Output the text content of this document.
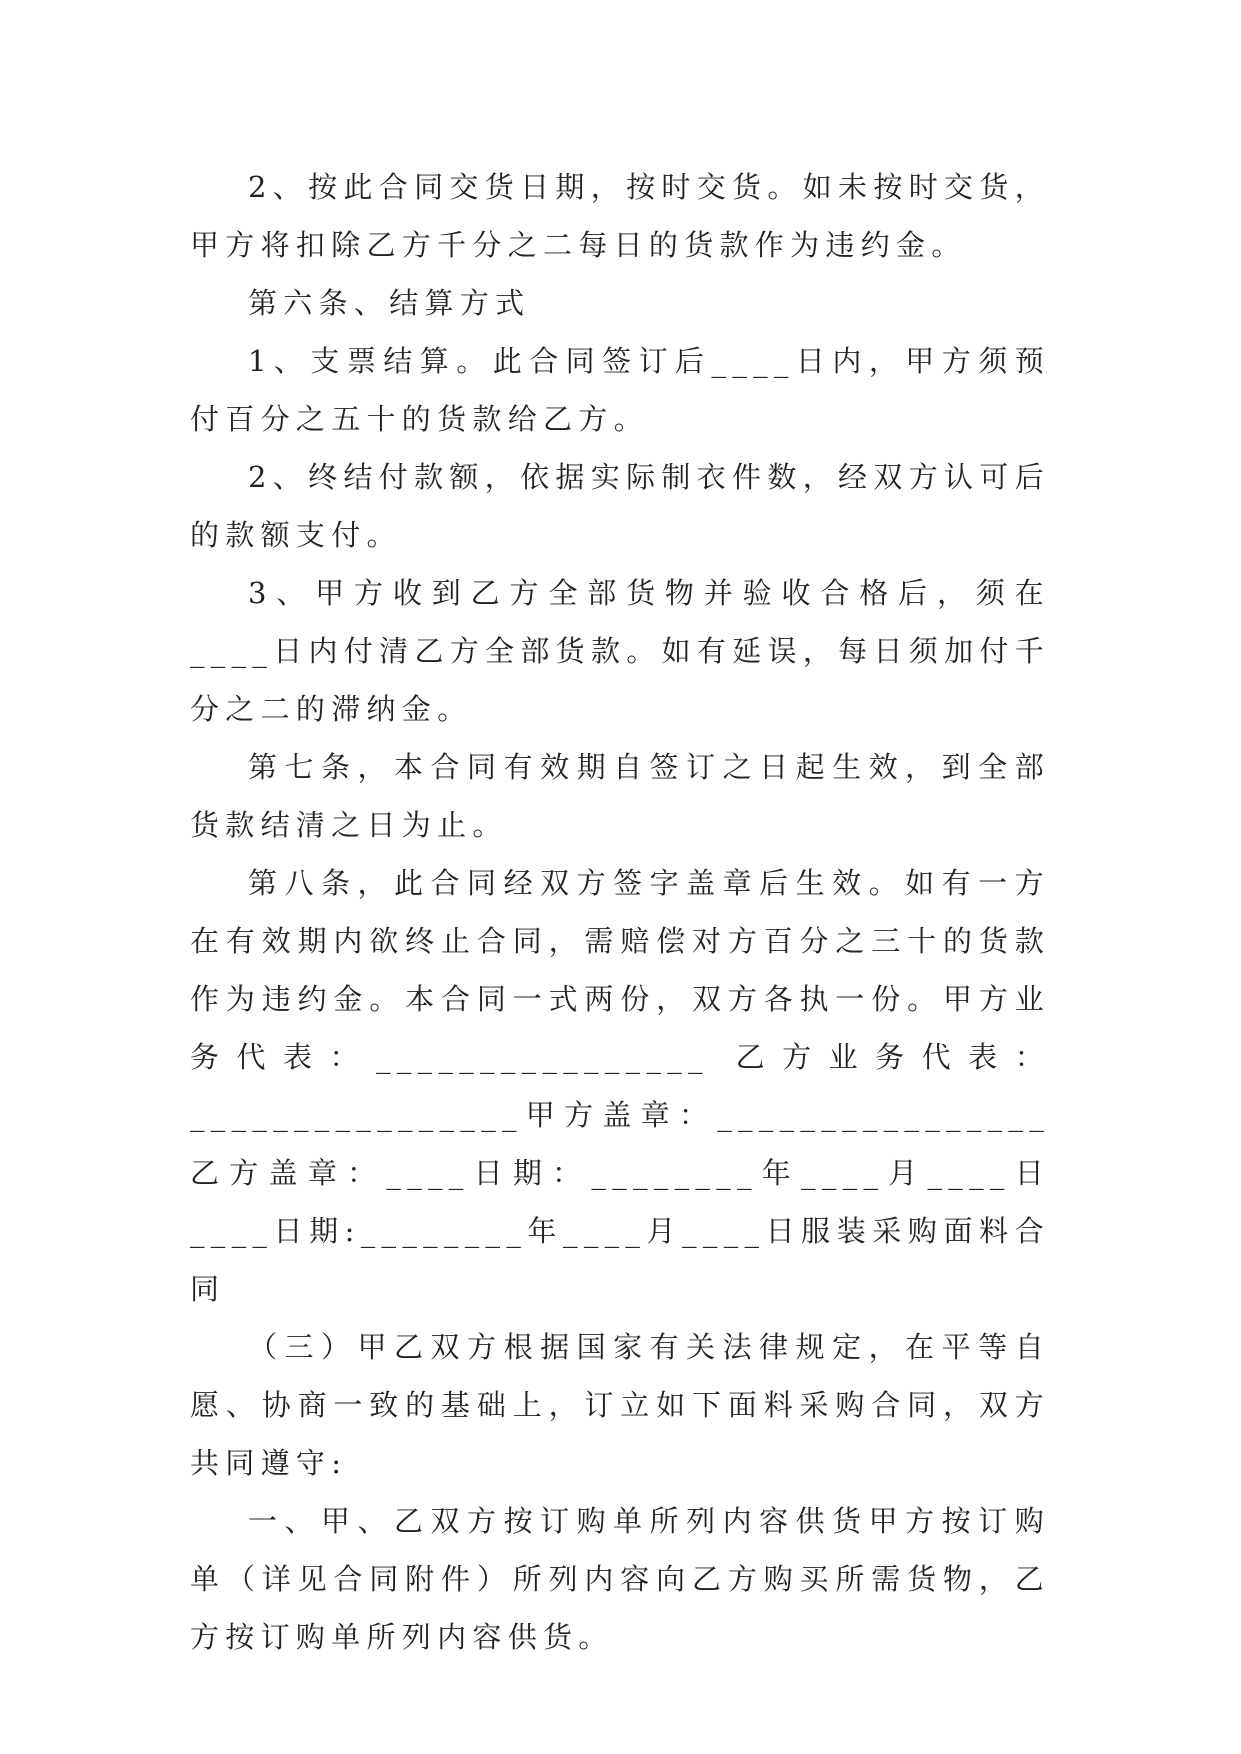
2、按此合同交货日期，按时交货。如未按时交货，甲方将扣除乙方千分之二每日的货款作为违约金。

第六条、结算方式

1、支票结算。此合同签订后____日内，甲方须预付百分之五十的货款给乙方。

2、终结付款额，依据实际制衣件数，经双方认可后的款额支付。

3、甲方收到乙方全部货物并验收合格后，须在____日内付清乙方全部货款。如有延误，每日须加付千分之二的滞纳金。

第七条，本合同有效期自签订之日起生效，到全部货款结清之日为止。

第八条，此合同经双方签字盖章后生效。如有一方在有效期内欲终止合同，需赔偿对方百分之三十的货款作为违约金。本合同一式两份，双方各执一份。甲方业务代表：________________ 乙方业务代表：________________甲方盖章：________________ 乙方盖章：____日期：________年____月____日____日期:________年____月____日服装采购面料合同

（三）甲乙双方根据国家有关法律规定，在平等自愿、协商一致的基础上，订立如下面料采购合同，双方共同遵守:

一、甲、乙双方按订购单所列内容供货甲方按订购单（详见合同附件）所列内容向乙方购买所需货物，乙方按订购单所列内容供货。
